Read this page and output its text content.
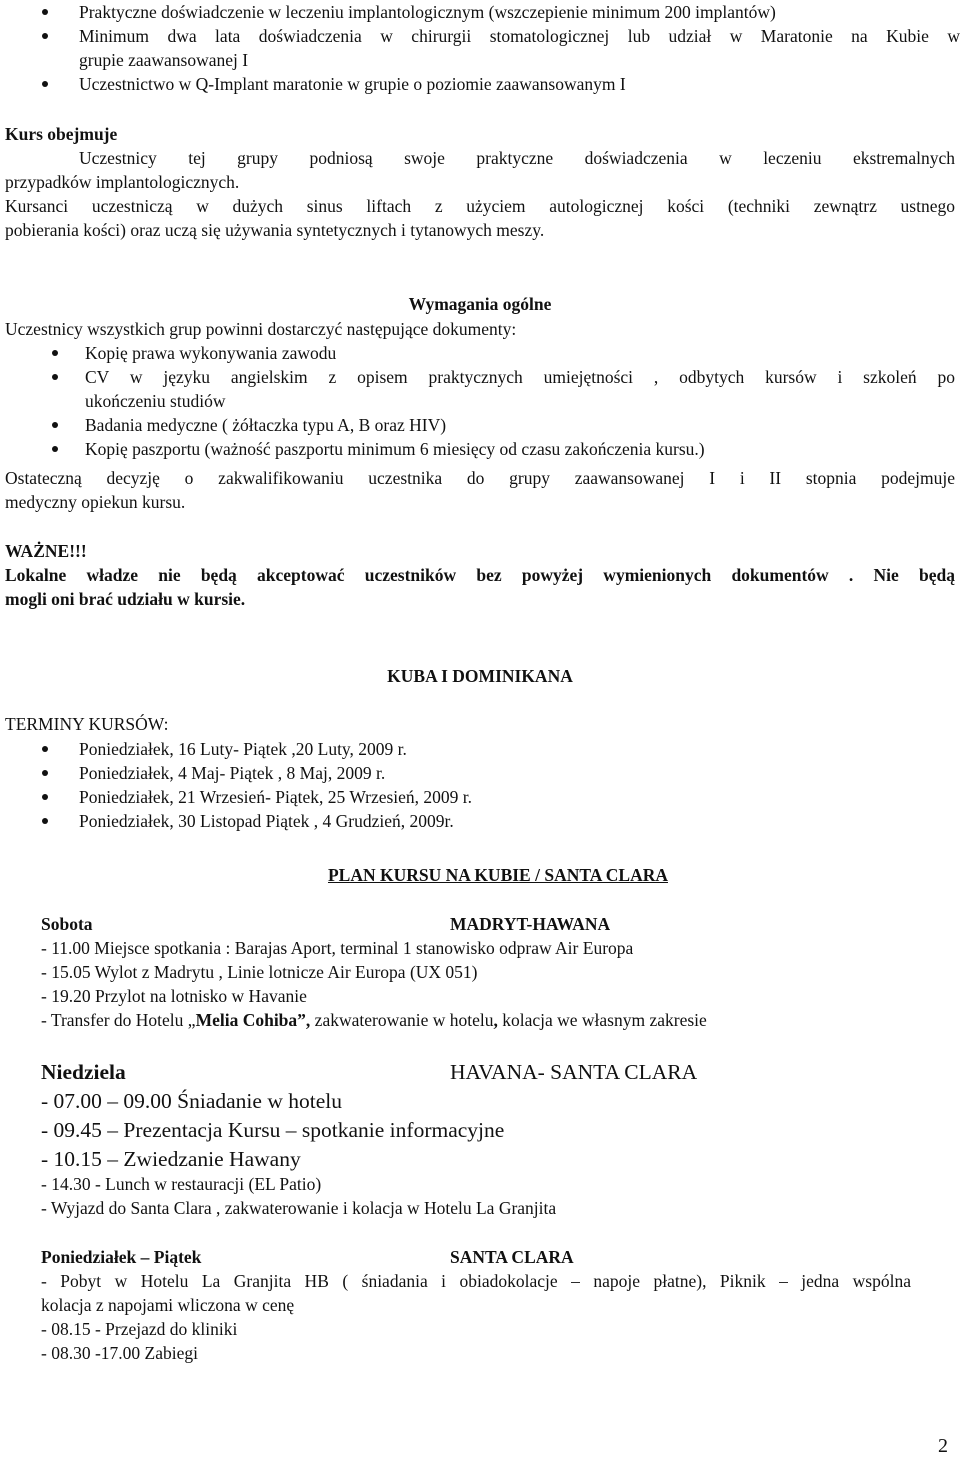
Praktyczne doświadczenie w leczeniu implantologicznym (wszczepienie minimum 200 implantów)
Minimum dwa lata doświadczenia w chirurgii stomatologicznej lub udział w Maratonie na Kubie w
grupie zaawansowanej I
Uczestnictwo w Q-Implant maratonie w grupie o poziomie zaawansowanym I
Kurs obejmuje
Uczestnicy tej grupy podniosą swoje praktyczne doświadczenia w leczeniu ekstremalnych
przypadków implantologicznych.
Kursanci uczestniczą w dużych sinus liftach z użyciem autologicznej kości (techniki zewnątrz ustnego
pobierania kości) oraz uczą się używania syntetycznych i tytanowych meszy.
Wymagania ogólne
Uczestnicy wszystkich grup powinni dostarczyć następujące dokumenty:
Kopię prawa wykonywania zawodu
CV w języku angielskim z opisem praktycznych umiejętności , odbytych kursów i szkoleń po
ukończeniu studiów
Badania medyczne ( żółtaczka typu A, B oraz HIV)
Kopię paszportu (ważność paszportu minimum 6 miesięcy od czasu zakończenia kursu.)
Ostateczną decyzję o zakwalifikowaniu uczestnika do grupy zaawansowanej I i II stopnia podejmuje
medyczny opiekun kursu.
WAŻNE!!!
Lokalne władze nie będą akceptować uczestników bez powyżej wymienionych dokumentów . Nie będą
mogli oni brać udziału w kursie.
KUBA I DOMINIKANA
TERMINY KURSÓW:
Poniedziałek, 16 Luty- Piątek ,20 Luty, 2009 r.
Poniedziałek, 4 Maj- Piątek , 8 Maj, 2009 r.
Poniedziałek, 21 Wrzesień- Piątek, 25 Wrzesień, 2009 r.
Poniedziałek, 30 Listopad Piątek , 4 Grudzień, 2009r.
PLAN KURSU NA KUBIE / SANTA CLARA
Sobota	MADRYT-HAWANA
- 11.00 Miejsce spotkania : Barajas Aport, terminal 1 stanowisko odpraw Air Europa
- 15.05 Wylot z Madrytu , Linie lotnicze Air Europa (UX 051)
- 19.20 Przylot na lotnisko w Havanie
- Transfer do Hotelu „Melia Cohiba”, zakwaterowanie w hotelu, kolacja we własnym zakresie
Niedziela	HAVANA- SANTA CLARA
- 07.00 – 09.00 Śniadanie w hotelu
- 09.45 – Prezentacja Kursu – spotkanie informacyjne
- 10.15 – Zwiedzanie Hawany
- 14.30 - Lunch w restauracji (EL Patio)
- Wyjazd do Santa Clara , zakwaterowanie i kolacja w Hotelu La Granjita
Poniedziałek – Piątek	SANTA CLARA
- Pobyt w Hotelu La Granjita HB ( śniadania i obiadokolacje – napoje płatne), Piknik – jedna wspólna
kolacja z napojami wliczona w cenę
- 08.15 - Przejazd do kliniki
- 08.30 -17.00 Zabiegi
2
